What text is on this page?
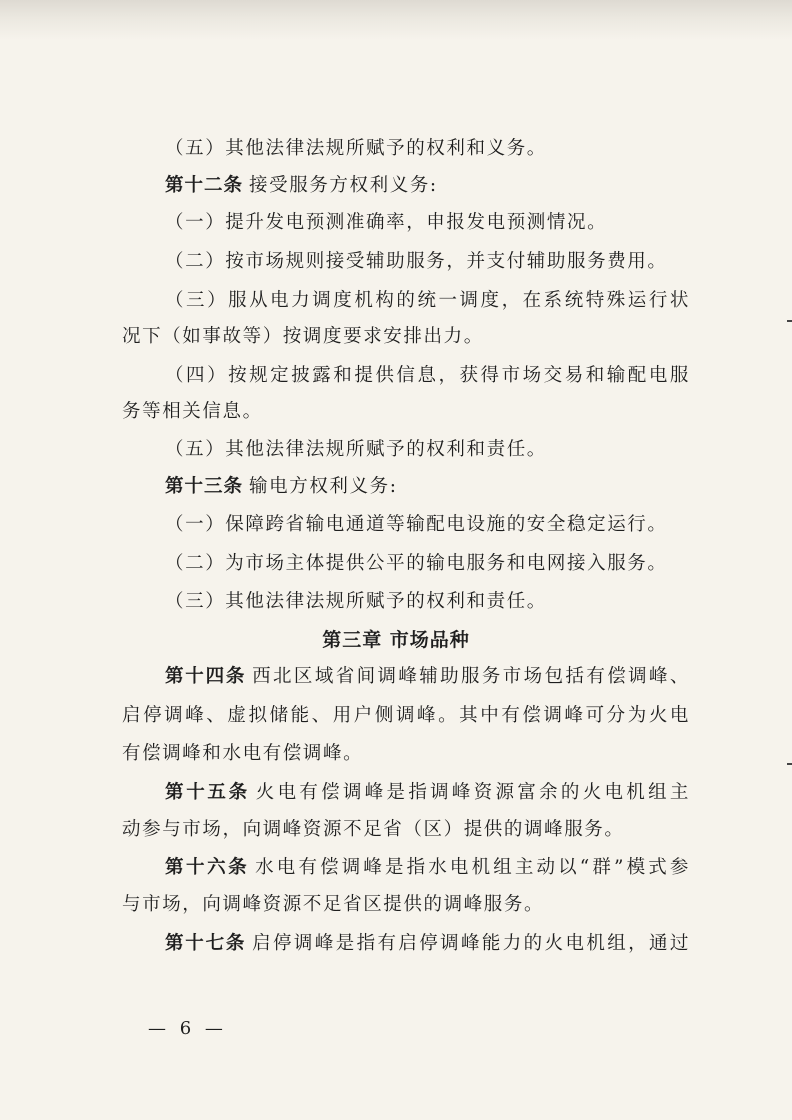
（五）其他法律法规所赋予的权利和义务。
第十二条 接受服务方权利义务:
（一）提升发电预测准确率，申报发电预测情况。
（二）按市场规则接受辅助服务，并支付辅助服务费用。
（三）服从电力调度机构的统一调度，在系统特殊运行状
况下（如事故等）按调度要求安排出力。
（四）按规定披露和提供信息，获得市场交易和输配电服
务等相关信息。
（五）其他法律法规所赋予的权利和责任。
第十三条 输电方权利义务:
（一）保障跨省输电通道等输配电设施的安全稳定运行。
（二）为市场主体提供公平的输电服务和电网接入服务。
（三）其他法律法规所赋予的权利和责任。
第三章 市场品种
第十四条 西北区域省间调峰辅助服务市场包括有偿调峰、
启停调峰、虚拟储能、用户侧调峰。其中有偿调峰可分为火电
有偿调峰和水电有偿调峰。
第十五条 火电有偿调峰是指调峰资源富余的火电机组主
动参与市场，向调峰资源不足省（区）提供的调峰服务。
第十六条 水电有偿调峰是指水电机组主动以“群”模式参
与市场，向调峰资源不足省区提供的调峰服务。
第十七条 启停调峰是指有启停调峰能力的火电机组，通过
— 6 —
